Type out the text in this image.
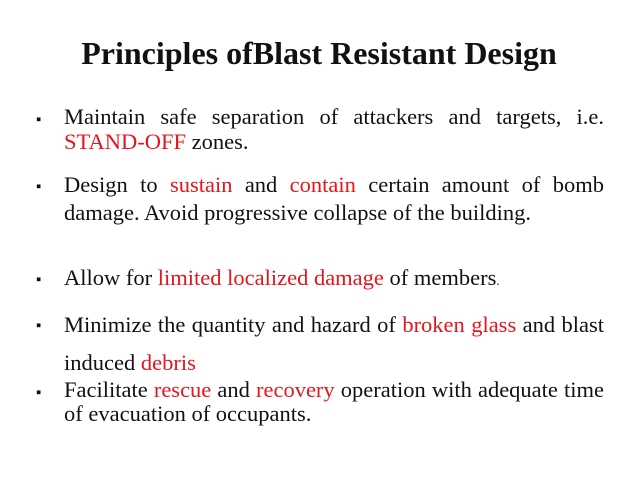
Principles ofBlast Resistant Design
▪ Maintain safe separation of attackers and targets, i.e. STAND-OFF zones.
▪ Design to sustain and contain certain amount of bomb damage. Avoid progressive collapse of the building.
▪ Allow for limited localized damage of members.
▪ Minimize the quantity and hazard of broken glass and blast induced debris
▪ Facilitate rescue and recovery operation with adequate time of evacuation of occupants.
